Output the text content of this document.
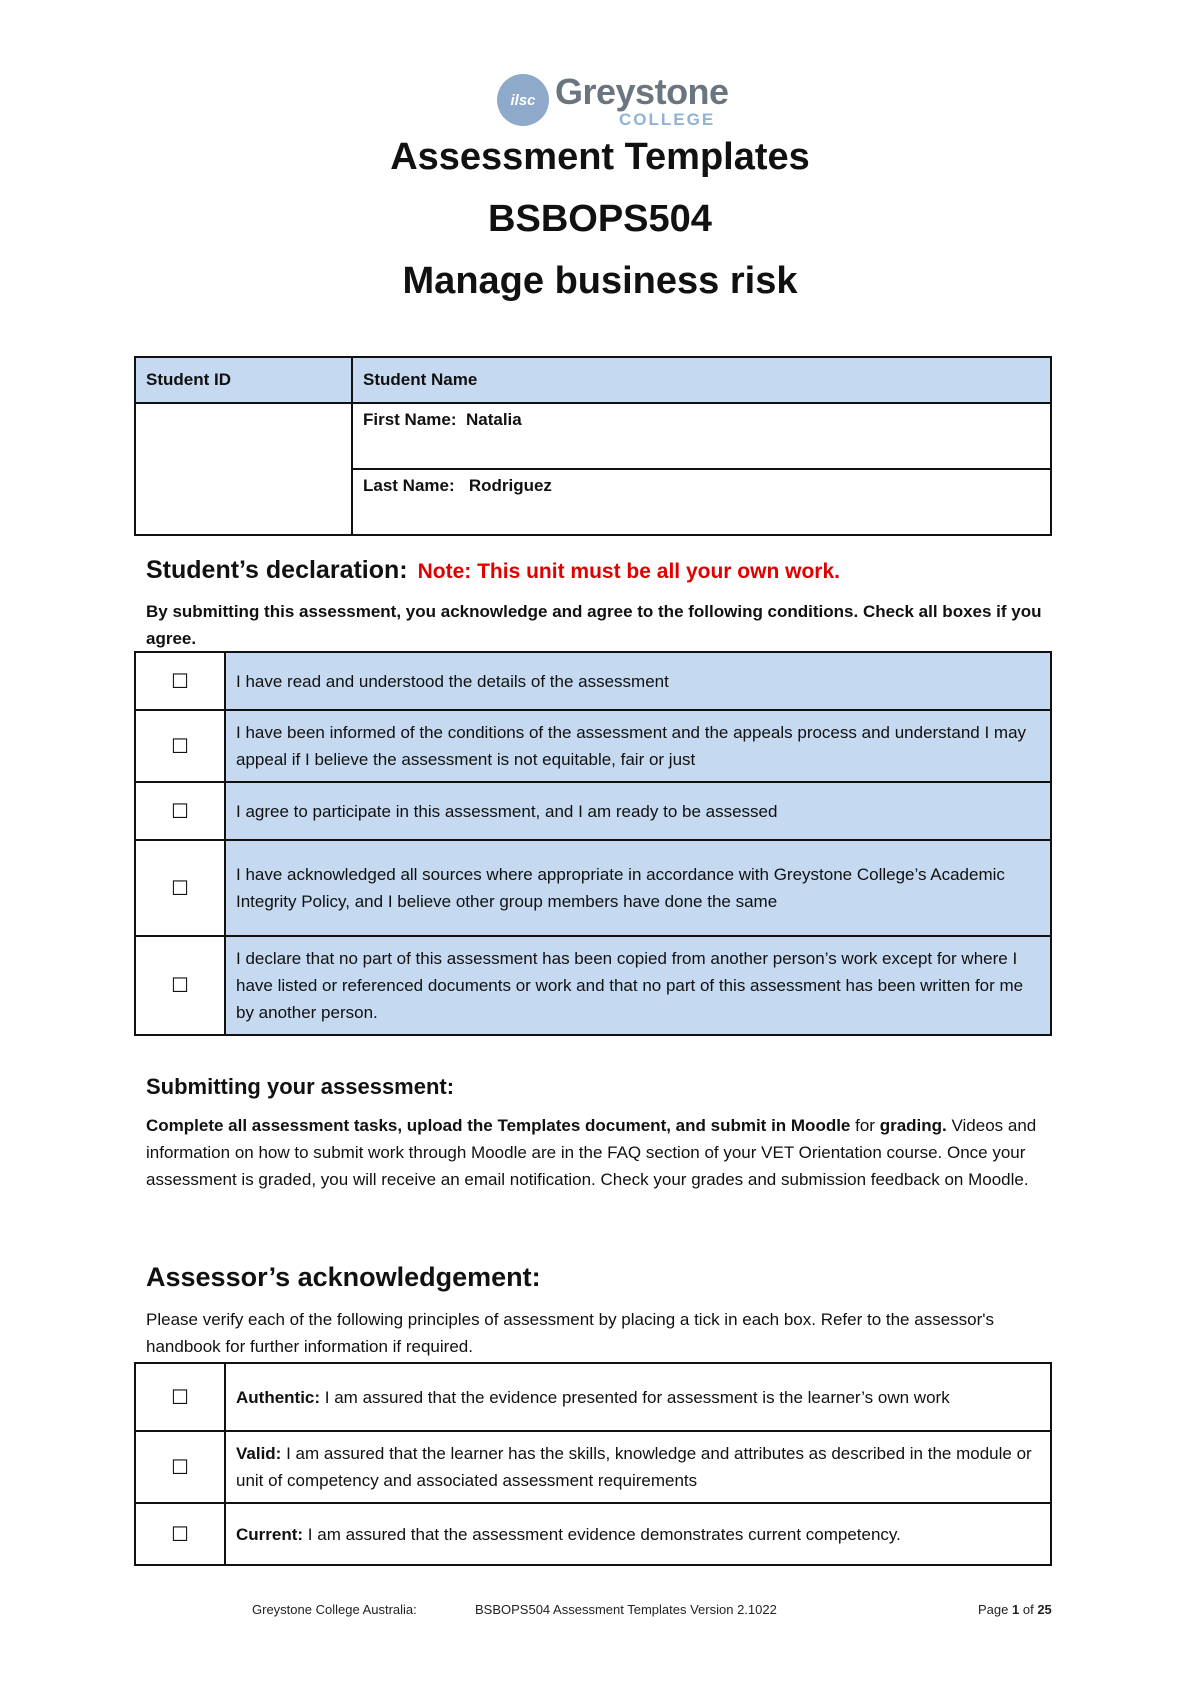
ilsc Greystone
COLLEGE
Assessment Templates
BSBOPS504
Manage business risk
Student ID	Student Name
	First Name: Natalia
	Last Name: Rodriguez
Student’s declaration: Note: This unit must be all your own work.
By submitting this assessment, you acknowledge and agree to the following conditions. Check all boxes if you agree.
☐	I have read and understood the details of the assessment
☐	I have been informed of the conditions of the assessment and the appeals process and understand I may appeal if I believe the assessment is not equitable, fair or just
☐	I agree to participate in this assessment, and I am ready to be assessed
☐	I have acknowledged all sources where appropriate in accordance with Greystone College’s Academic Integrity Policy, and I believe other group members have done the same
☐	I declare that no part of this assessment has been copied from another person’s work except for where I have listed or referenced documents or work and that no part of this assessment has been written for me by another person.
Submitting your assessment:
Complete all assessment tasks, upload the Templates document, and submit in Moodle for grading. Videos and information on how to submit work through Moodle are in the FAQ section of your VET Orientation course. Once your assessment is graded, you will receive an email notification. Check your grades and submission feedback on Moodle.
Assessor’s acknowledgement:
Please verify each of the following principles of assessment by placing a tick in each box. Refer to the assessor's handbook for further information if required.
☐	Authentic: I am assured that the evidence presented for assessment is the learner’s own work
☐	Valid: I am assured that the learner has the skills, knowledge and attributes as described in the module or unit of competency and associated assessment requirements
☐	Current: I am assured that the assessment evidence demonstrates current competency.
Greystone College Australia:	BSBOPS504 Assessment Templates Version 2.1022	Page 1 of 25
